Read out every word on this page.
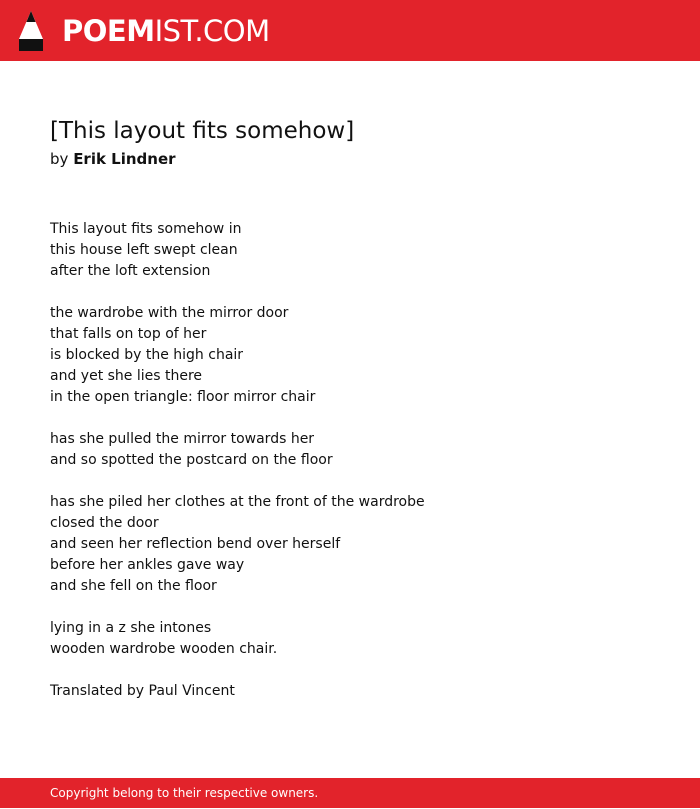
POEMIST.COM
[This layout fits somehow]

by Erik Lindner

This layout fits somehow in
this house left swept clean
after the loft extension

the wardrobe with the mirror door
that falls on top of her
is blocked by the high chair
and yet she lies there
in the open triangle: floor mirror chair

has she pulled the mirror towards her
and so spotted the postcard on the floor

has she piled her clothes at the front of the wardrobe
closed the door
and seen her reflection bend over herself
before her ankles gave way
and she fell on the floor

lying in a z she intones
wooden wardrobe wooden chair.

Translated by Paul Vincent

Copyright belong to their respective owners.
